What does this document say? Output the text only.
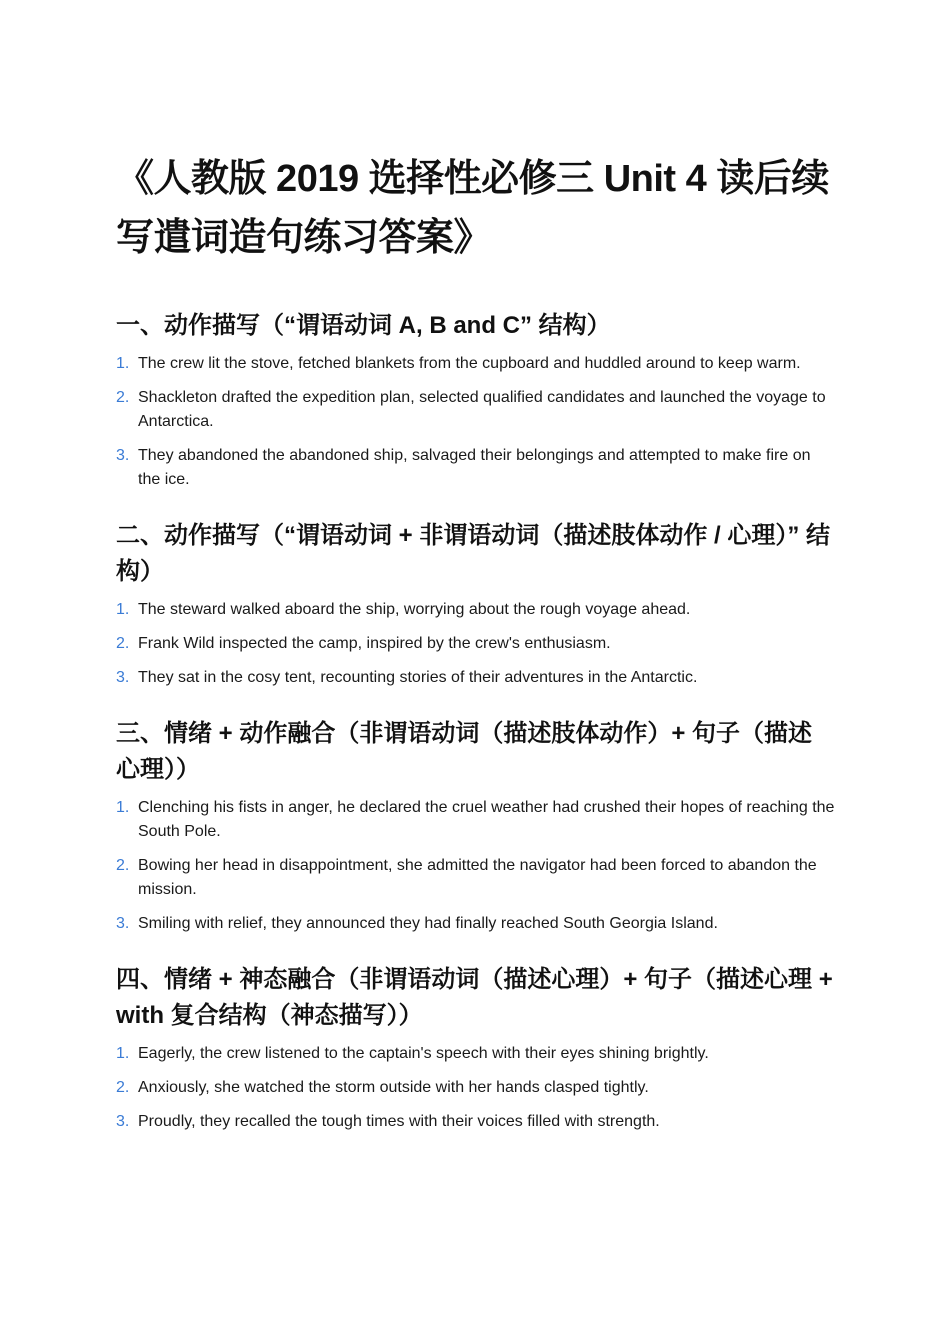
《人教版 2019 选择性必修三 Unit 4 读后续写遣词造句练习答案》
一、动作描写（“谓语动词 A, B and C” 结构）
1. The crew lit the stove, fetched blankets from the cupboard and huddled around to keep warm.
2. Shackleton drafted the expedition plan, selected qualified candidates and launched the voyage to Antarctica.
3. They abandoned the abandoned ship, salvaged their belongings and attempted to make fire on the ice.
二、动作描写（“谓语动词 + 非谓语动词（描述肢体动作 / 心理）” 结构）
1. The steward walked aboard the ship, worrying about the rough voyage ahead.
2. Frank Wild inspected the camp, inspired by the crew's enthusiasm.
3. They sat in the cosy tent, recounting stories of their adventures in the Antarctic.
三、情绪 + 动作融合（非谓语动词（描述肢体动作）+ 句子（描述心理））
1. Clenching his fists in anger, he declared the cruel weather had crushed their hopes of reaching the South Pole.
2. Bowing her head in disappointment, she admitted the navigator had been forced to abandon the mission.
3. Smiling with relief, they announced they had finally reached South Georgia Island.
四、情绪 + 神态融合（非谓语动词（描述心理）+ 句子（描述心理 + with 复合结构（神态描写））
1. Eagerly, the crew listened to the captain's speech with their eyes shining brightly.
2. Anxiously, she watched the storm outside with her hands clasped tightly.
3. Proudly, they recalled the tough times with their voices filled with strength.
